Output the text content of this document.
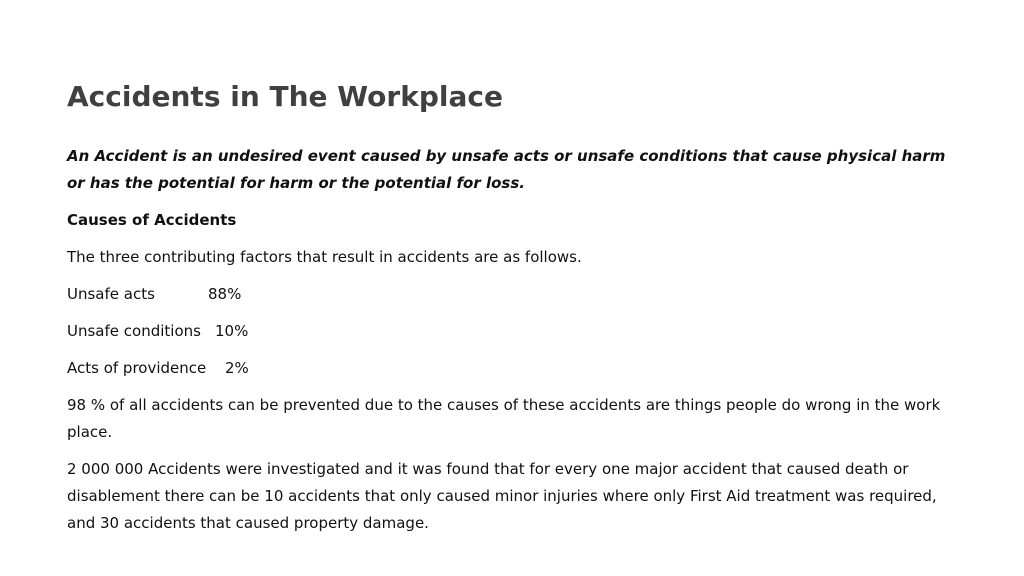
Accidents in The Workplace

An Accident is an undesired event caused by unsafe acts or unsafe conditions that cause physical harm or has the potential for harm or the potential for loss.

Causes of Accidents

The three contributing factors that result in accidents are as follows.

Unsafe acts	88%

Unsafe conditions 10%

Acts of providence	2%

98 % of all accidents can be prevented due to the causes of these accidents are things people do wrong in the work place.

2 000 000 Accidents were investigated and it was found that for every one major accident that caused death or disablement there can be 10 accidents that only caused minor injuries where only First Aid treatment was required, and 30 accidents that caused property damage.
